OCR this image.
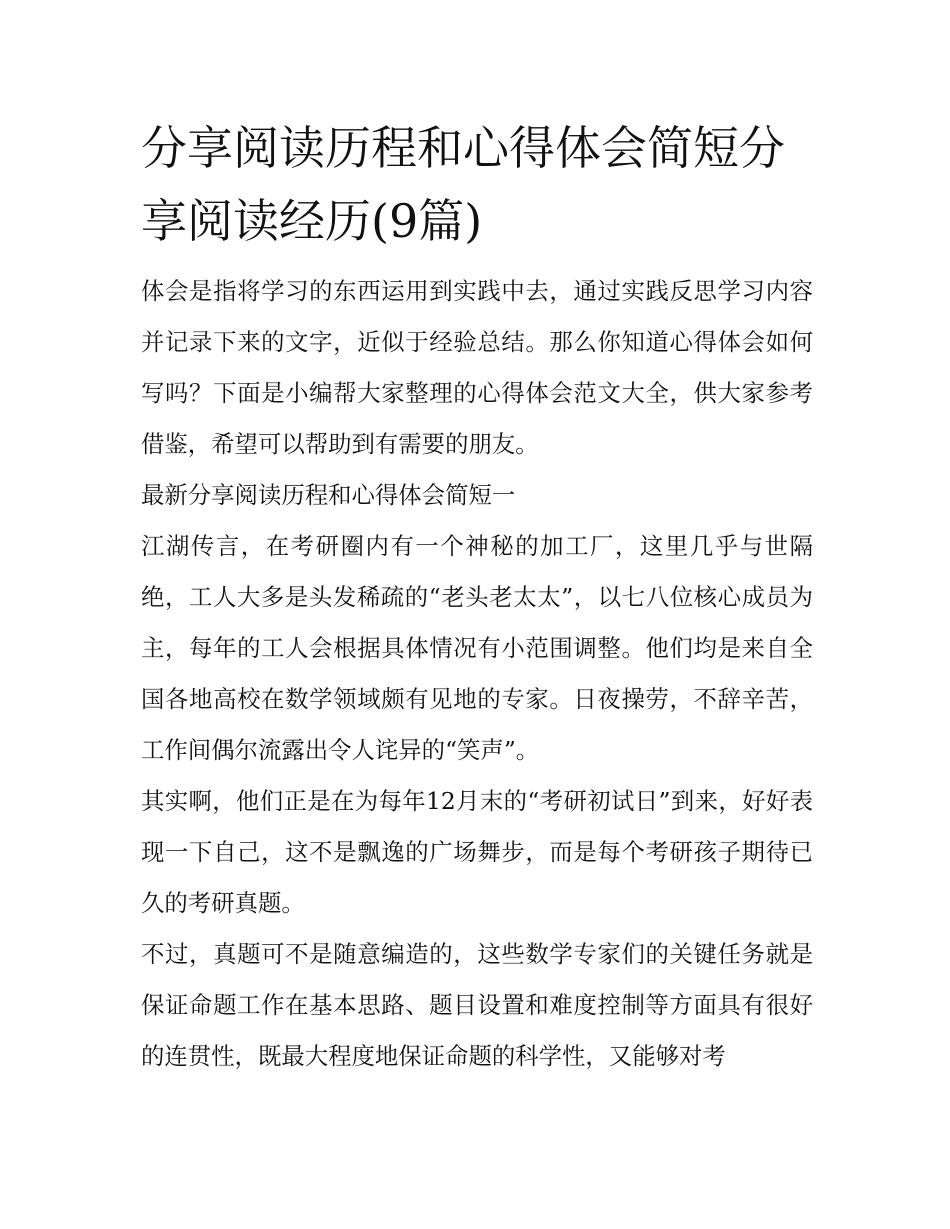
分享阅读历程和心得体会简短分享阅读经历(9篇)

体会是指将学习的东西运用到实践中去，通过实践反思学习内容并记录下来的文字，近似于经验总结。那么你知道心得体会如何写吗？下面是小编帮大家整理的心得体会范文大全，供大家参考借鉴，希望可以帮助到有需要的朋友。

最新分享阅读历程和心得体会简短一

江湖传言，在考研圈内有一个神秘的加工厂，这里几乎与世隔绝，工人大多是头发稀疏的“老头老太太”，以七八位核心成员为主，每年的工人会根据具体情况有小范围调整。他们均是来自全国各地高校在数学领域颇有见地的专家。日夜操劳，不辞辛苦，工作间偶尔流露出令人诧异的“笑声”。

其实啊，他们正是在为每年12月末的“考研初试日”到来，好好表现一下自己，这不是飘逸的广场舞步，而是每个考研孩子期待已久的考研真题。

不过，真题可不是随意编造的，这些数学专家们的关键任务就是保证命题工作在基本思路、题目设置和难度控制等方面具有很好的连贯性，既最大程度地保证命题的科学性，又能够对考
